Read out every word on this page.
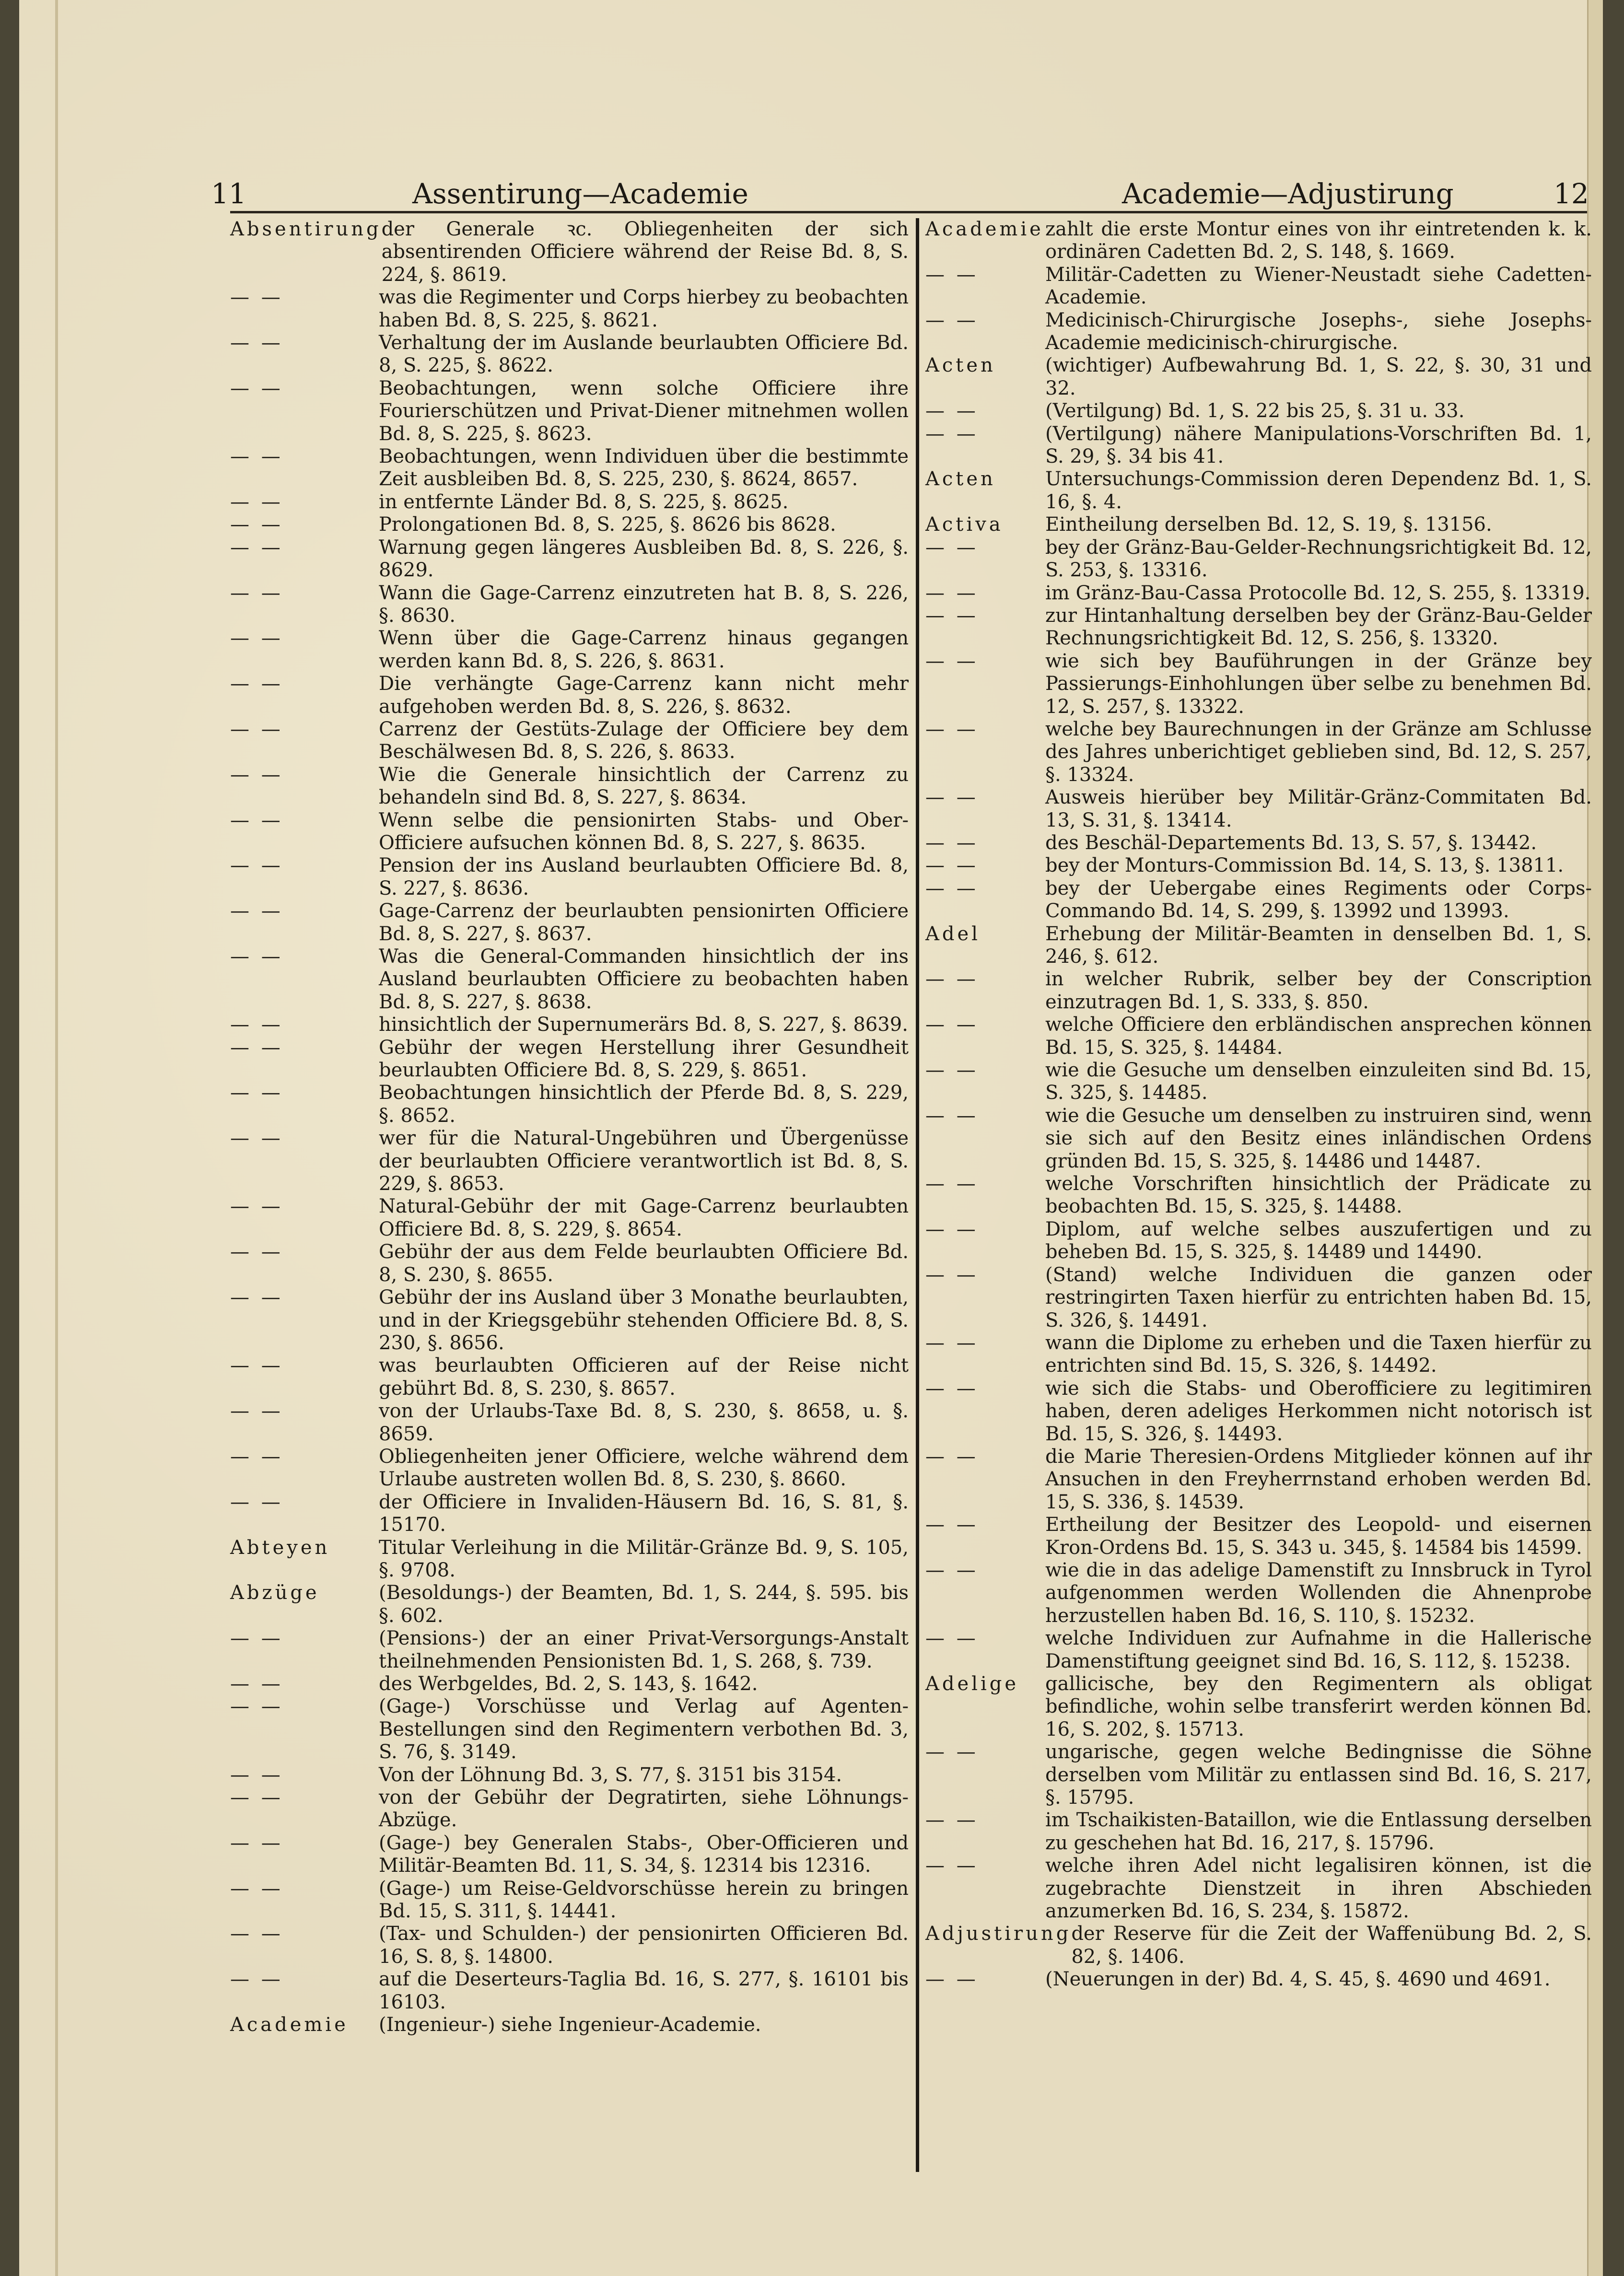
11	Assentirung—Academie	Academie—Adjustirung	12
Absentirung der Generale ꝛc. Obliegenheiten der sich absentirenden Officiere während der Reise Bd. 8, S. 224, §. 8619.
— —	was die Regimenter und Corps hierbey zu beobachten haben Bd. 8, S. 225, §. 8621.
— —	Verhaltung der im Auslande beurlaubten Officiere Bd. 8, S. 225, §. 8622.
— —	Beobachtungen, wenn solche Officiere ihre Fourierschützen und Privat-Diener mitnehmen wollen Bd. 8, S. 225, §. 8623.
— —	Beobachtungen, wenn Individuen über die bestimmte Zeit ausbleiben Bd. 8, S. 225, 230, §. 8624, 8657.
— —	in entfernte Länder Bd. 8, S. 225, §. 8625.
— —	Prolongationen Bd. 8, S. 225, §. 8626 bis 8628.
— —	Warnung gegen längeres Ausbleiben Bd. 8, S. 226, §. 8629.
— —	Wann die Gage-Carrenz einzutreten hat B. 8, S. 226, §. 8630.
— —	Wenn über die Gage-Carrenz hinaus gegangen werden kann Bd. 8, S. 226, §. 8631.
— —	Die verhängte Gage-Carrenz kann nicht mehr aufgehoben werden Bd. 8, S. 226, §. 8632.
— —	Carrenz der Gestüts-Zulage der Officiere bey dem Beschälwesen Bd. 8, S. 226, §. 8633.
— —	Wie die Generale hinsichtlich der Carrenz zu behandeln sind Bd. 8, S. 227, §. 8634.
— —	Wenn selbe die pensionirten Stabs- und Ober-Officiere aufsuchen können Bd. 8, S. 227, §. 8635.
— —	Pension der ins Ausland beurlaubten Officiere Bd. 8, S. 227, §. 8636.
— —	Gage-Carrenz der beurlaubten pensionirten Officiere Bd. 8, S. 227, §. 8637.
— —	Was die General-Commanden hinsichtlich der ins Ausland beurlaubten Officiere zu beobachten haben Bd. 8, S. 227, §. 8638.
— —	hinsichtlich der Supernumerärs Bd. 8, S. 227, §. 8639.
— —	Gebühr der wegen Herstellung ihrer Gesundheit beurlaubten Officiere Bd. 8, S. 229, §. 8651.
— —	Beobachtungen hinsichtlich der Pferde Bd. 8, S. 229, §. 8652.
— —	wer für die Natural-Ungebühren und Übergenüsse der beurlaubten Officiere verantwortlich ist Bd. 8, S. 229, §. 8653.
— —	Natural-Gebühr der mit Gage-Carrenz beurlaubten Officiere Bd. 8, S. 229, §. 8654.
— —	Gebühr der aus dem Felde beurlaubten Officiere Bd. 8, S. 230, §. 8655.
— —	Gebühr der ins Ausland über 3 Monathe beurlaubten, und in der Kriegsgebühr stehenden Officiere Bd. 8, S. 230, §. 8656.
— —	was beurlaubten Officieren auf der Reise nicht gebührt Bd. 8, S. 230, §. 8657.
— —	von der Urlaubs-Taxe Bd. 8, S. 230, §. 8658, u. §. 8659.
— —	Obliegenheiten jener Officiere, welche während dem Urlaube austreten wollen Bd. 8, S. 230, §. 8660.
— —	der Officiere in Invaliden-Häusern Bd. 16, S. 81, §. 15170.
Abteyen	Titular Verleihung in die Militär-Gränze Bd. 9, S. 105, §. 9708.
Abzüge	(Besoldungs-) der Beamten, Bd. 1, S. 244, §. 595. bis §. 602.
— —	(Pensions-) der an einer Privat-Versorgungs-Anstalt theilnehmenden Pensionisten Bd. 1, S. 268, §. 739.
— —	des Werbgeldes, Bd. 2, S. 143, §. 1642.
— —	(Gage-) Vorschüsse und Verlag auf Agenten-Bestellungen sind den Regimentern verbothen Bd. 3, S. 76, §. 3149.
— —	Von der Löhnung Bd. 3, S. 77, §. 3151 bis 3154.
— —	von der Gebühr der Degratirten, siehe Löhnungs-Abzüge.
— —	(Gage-) bey Generalen Stabs-, Ober-Officieren und Militär-Beamten Bd. 11, S. 34, §. 12314 bis 12316.
— —	(Gage-) um Reise-Geldvorschüsse herein zu bringen Bd. 15, S. 311, §. 14441.
— —	(Tax- und Schulden-) der pensionirten Officieren Bd. 16, S. 8, §. 14800.
— —	auf die Deserteurs-Taglia Bd. 16, S. 277, §. 16101 bis 16103.
Academie	(Ingenieur-) siehe Ingenieur-Academie.
Academie zahlt die erste Montur eines von ihr eintretenden k. k. ordinären Cadetten Bd. 2, S. 148, §. 1669.
— —	Militär-Cadetten zu Wiener-Neustadt siehe Cadetten-Academie.
— —	Medicinisch-Chirurgische Josephs-, siehe Josephs-Academie medicinisch-chirurgische.
Acten	(wichtiger) Aufbewahrung Bd. 1, S. 22, §. 30, 31 und 32.
— —	(Vertilgung) Bd. 1, S. 22 bis 25, §. 31 u. 33.
— —	(Vertilgung) nähere Manipulations-Vorschriften Bd. 1, S. 29, §. 34 bis 41.
Acten	Untersuchungs-Commission deren Dependenz Bd. 1, S. 16, §. 4.
Activa	Eintheilung derselben Bd. 12, S. 19, §. 13156.
— —	bey der Gränz-Bau-Gelder-Rechnungsrichtigkeit Bd. 12, S. 253, §. 13316.
— —	im Gränz-Bau-Cassa Protocolle Bd. 12, S. 255, §. 13319.
— —	zur Hintanhaltung derselben bey der Gränz-Bau-Gelder Rechnungsrichtigkeit Bd. 12, S. 256, §. 13320.
— —	wie sich bey Bauführungen in der Gränze bey Passierungs-Einhohlungen über selbe zu benehmen Bd. 12, S. 257, §. 13322.
— —	welche bey Baurechnungen in der Gränze am Schlusse des Jahres unberichtiget geblieben sind, Bd. 12, S. 257, §. 13324.
— —	Ausweis hierüber bey Militär-Gränz-Commitaten Bd. 13, S. 31, §. 13414.
— —	des Beschäl-Departements Bd. 13, S. 57, §. 13442.
— —	bey der Monturs-Commission Bd. 14, S. 13, §. 13811.
— —	bey der Uebergabe eines Regiments oder Corps-Commando Bd. 14, S. 299, §. 13992 und 13993.
Adel	Erhebung der Militär-Beamten in denselben Bd. 1, S. 246, §. 612.
— —	in welcher Rubrik, selber bey der Conscription einzutragen Bd. 1, S. 333, §. 850.
— —	welche Officiere den erbländischen ansprechen können Bd. 15, S. 325, §. 14484.
— —	wie die Gesuche um denselben einzuleiten sind Bd. 15, S. 325, §. 14485.
— —	wie die Gesuche um denselben zu instruiren sind, wenn sie sich auf den Besitz eines inländischen Ordens gründen Bd. 15, S. 325, §. 14486 und 14487.
— —	welche Vorschriften hinsichtlich der Prädicate zu beobachten Bd. 15, S. 325, §. 14488.
— —	Diplom, auf welche selbes auszufertigen und zu beheben Bd. 15, S. 325, §. 14489 und 14490.
— —	(Stand) welche Individuen die ganzen oder restringirten Taxen hierfür zu entrichten haben Bd. 15, S. 326, §. 14491.
— —	wann die Diplome zu erheben und die Taxen hierfür zu entrichten sind Bd. 15, S. 326, §. 14492.
— —	wie sich die Stabs- und Oberofficiere zu legitimiren haben, deren adeliges Herkommen nicht notorisch ist Bd. 15, S. 326, §. 14493.
— —	die Marie Theresien-Ordens Mitglieder können auf ihr Ansuchen in den Freyherrnstand erhoben werden Bd. 15, S. 336, §. 14539.
— —	Ertheilung der Besitzer des Leopold- und eisernen Kron-Ordens Bd. 15, S. 343 u. 345, §. 14584 bis 14599.
— —	wie die in das adelige Damenstift zu Innsbruck in Tyrol aufgenommen werden Wollenden die Ahnenprobe herzustellen haben Bd. 16, S. 110, §. 15232.
— —	welche Individuen zur Aufnahme in die Hallerische Damenstiftung geeignet sind Bd. 16, S. 112, §. 15238.
Adelige	gallicische, bey den Regimentern als obligat befindliche, wohin selbe transferirt werden können Bd. 16, S. 202, §. 15713.
— —	ungarische, gegen welche Bedingnisse die Söhne derselben vom Militär zu entlassen sind Bd. 16, S. 217, §. 15795.
— —	im Tschaikisten-Bataillon, wie die Entlassung derselben zu geschehen hat Bd. 16, 217, §. 15796.
— —	welche ihren Adel nicht legalisiren können, ist die zugebrachte Dienstzeit in ihren Abschieden anzumerken Bd. 16, S. 234, §. 15872.
Adjustirung der Reserve für die Zeit der Waffenübung Bd. 2, S. 82, §. 1406.
— —	(Neuerungen in der) Bd. 4, S. 45, §. 4690 und 4691.
